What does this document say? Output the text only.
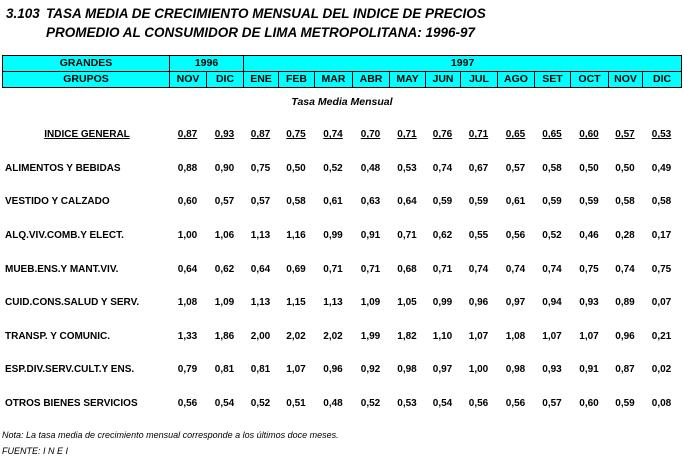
3.103 TASA MEDIA DE CRECIMIENTO MENSUAL DEL INDICE DE PRECIOS
PROMEDIO AL CONSUMIDOR DE LIMA METROPOLITANA: 1996-97
GRANDES	1996		1997											
GRUPOS	NOV	DIC	ENE	FEB	MAR	ABR	MAY	JUN	JUL	AGO	SET	OCT	NOV	DIC
Tasa Media Mensual
INDICE GENERAL	0,87	0,93	0,87	0,75	0,74	0,70	0,71	0,76	0,71	0,65	0,65	0,60	0,57	0,53
ALIMENTOS Y BEBIDAS	0,88	0,90	0,75	0,50	0,52	0,48	0,53	0,74	0,67	0,57	0,58	0,50	0,50	0,49
VESTIDO Y CALZADO	0,60	0,57	0,57	0,58	0,61	0,63	0,64	0,59	0,59	0,61	0,59	0,59	0,58	0,58
ALQ.VIV.COMB.Y ELECT.	1,00	1,06	1,13	1,16	0,99	0,91	0,71	0,62	0,55	0,56	0,52	0,46	0,28	0,17
MUEB.ENS.Y MANT.VIV.	0,64	0,62	0,64	0,69	0,71	0,71	0,68	0,71	0,74	0,74	0,74	0,75	0,74	0,75
CUID.CONS.SALUD Y SERV.	1,08	1,09	1,13	1,15	1,13	1,09	1,05	0,99	0,96	0,97	0,94	0,93	0,89	0,07
TRANSP. Y COMUNIC.	1,33	1,86	2,00	2,02	2,02	1,99	1,82	1,10	1,07	1,08	1,07	1,07	0,96	0,21
ESP.DIV.SERV.CULT.Y ENS.	0,79	0,81	0,81	1,07	0,96	0,92	0,98	0,97	1,00	0,98	0,93	0,91	0,87	0,02
OTROS BIENES SERVICIOS	0,56	0,54	0,52	0,51	0,48	0,52	0,53	0,54	0,56	0,56	0,57	0,60	0,59	0,08
Nota: La tasa media de crecimiento mensual corresponde a los últimos doce meses.
FUENTE: I N E I
